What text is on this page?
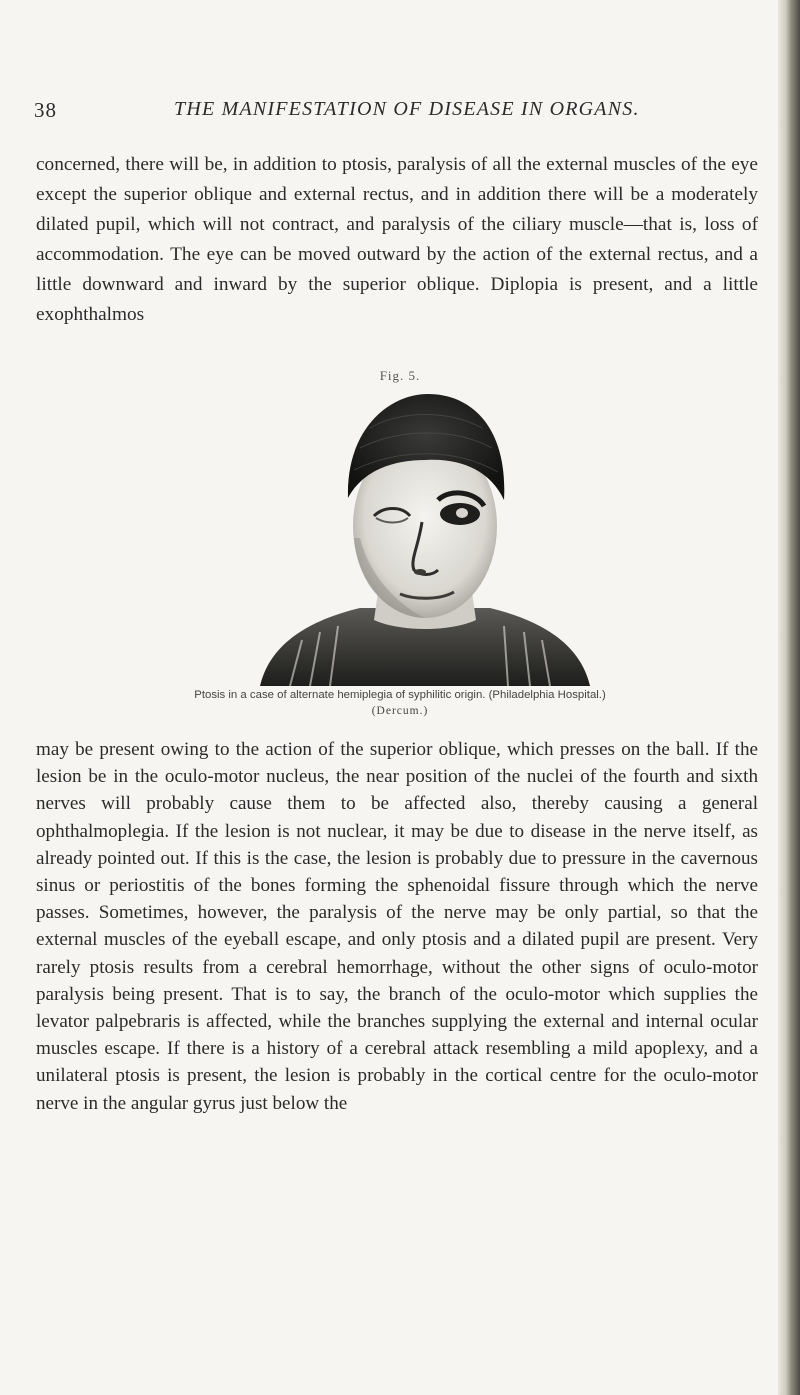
38	THE MANIFESTATION OF DISEASE IN ORGANS.

concerned, there will be, in addition to ptosis, paralysis of all the external muscles of the eye except the superior oblique and external rectus, and in addition there will be a moderately dilated pupil, which will not contract, and paralysis of the ciliary muscle—that is, loss of accommodation. The eye can be moved outward by the action of the external rectus, and a little downward and inward by the superior oblique. Diplopia is present, and a little exophthalmos

Fig. 5.
Ptosis in a case of alternate hemiplegia of syphilitic origin. (Philadelphia Hospital.)
(Dercum.)

may be present owing to the action of the superior oblique, which presses on the ball. If the lesion be in the oculo-motor nucleus, the near position of the nuclei of the fourth and sixth nerves will probably cause them to be affected also, thereby causing a general ophthalmoplegia. If the lesion is not nuclear, it may be due to disease in the nerve itself, as already pointed out. If this is the case, the lesion is probably due to pressure in the cavernous sinus or periostitis of the bones forming the sphenoidal fissure through which the nerve passes. Sometimes, however, the paralysis of the nerve may be only partial, so that the external muscles of the eyeball escape, and only ptosis and a dilated pupil are present. Very rarely ptosis results from a cerebral hemorrhage, without the other signs of oculo-motor paralysis being present. That is to say, the branch of the oculo-motor which supplies the levator palpebraris is affected, while the branches supplying the external and internal ocular muscles escape. If there is a history of a cerebral attack resembling a mild apoplexy, and a unilateral ptosis is present, the lesion is probably in the cortical centre for the oculo-motor nerve in the angular gyrus just below the
